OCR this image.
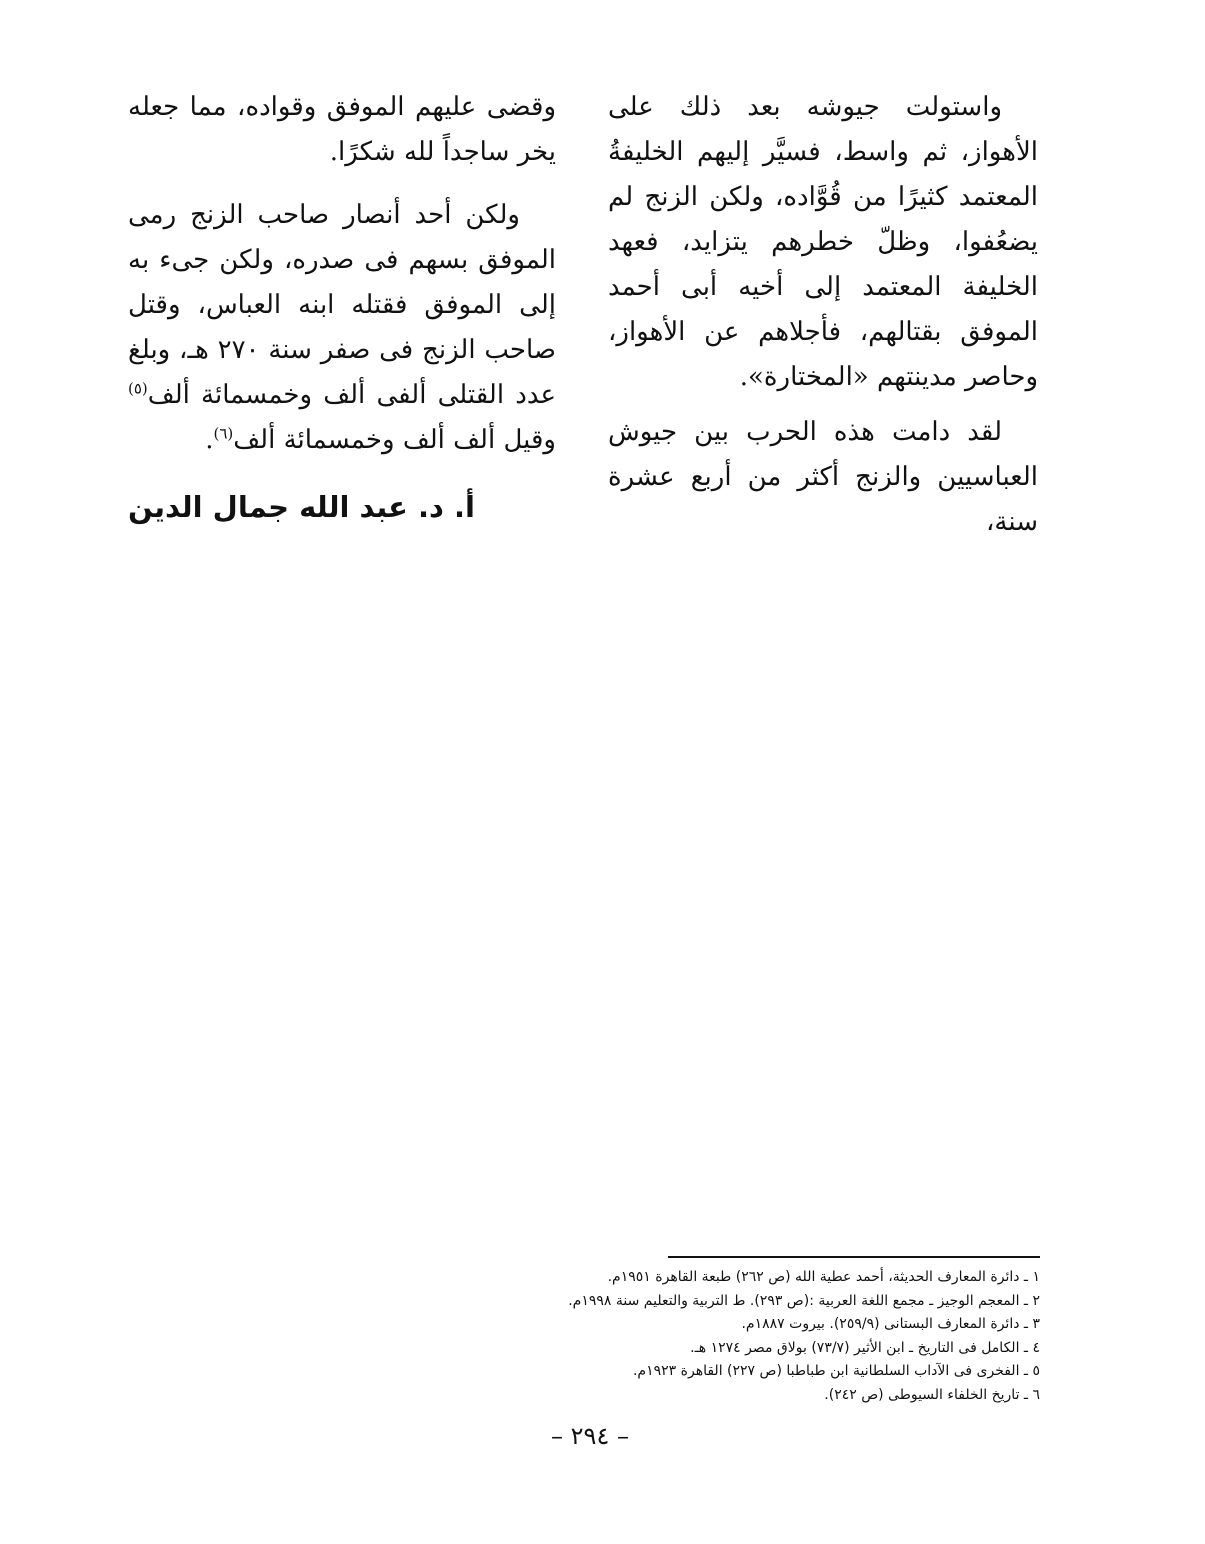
واستولت جيوشه بعد ذلك على الأهواز، ثم واسط، فسيَّر إليهم الخليفةُ المعتمد كثيرًا من قُوَّاده، ولكن الزنج لم يضعُفوا، وظلّ خطرهم يتزايد، فعهد الخليفة المعتمد إلى أخيه أبى أحمد الموفق بقتالهم، فأجلاهم عن الأهواز، وحاصر مدينتهم «المختارة».

لقد دامت هذه الحرب بين جيوش العباسيين والزنج أكثر من أربع عشرة سنة،

وقضى عليهم الموفق وقواده، مما جعله يخر ساجداً لله شكرًا.

ولكن أحد أنصار صاحب الزنج رمى الموفق بسهم فى صدره، ولكن جىء به إلى الموفق فقتله ابنه العباس، وقتل صاحب الزنج فى صفر سنة ٢٧٠ هـ، وبلغ عدد القتلى ألفى ألف وخمسمائة ألف$^{(٥)}$ وقيل ألف ألف وخمسمائة ألف$^{(٦)}$.

أ. د. عبد الله جمال الدين
١ ـ دائرة المعارف الحديثة، أحمد عطية الله (ص ٢٦٢) طبعة القاهرة ١٩٥١م.
٢ ـ المعجم الوجيز ـ مجمع اللغة العربية :(ص ٢٩٣). ط التربية والتعليم سنة ١٩٩٨م.
٣ ـ دائرة المعارف البستانى (٢٥٩/٩). بيروت ١٨٨٧م.
٤ ـ الكامل فى التاريخ ـ ابن الأثير (٧٣/٧) بولاق مصر ١٢٧٤ هـ.
٥ ـ الفخرى فى الآداب السلطانية ابن طباطبا (ص ٢٢٧) القاهرة ١٩٢٣م.
٦ ـ تاريخ الخلفاء السيوطى (ص ٢٤٢).
– ٢٩٤ –
